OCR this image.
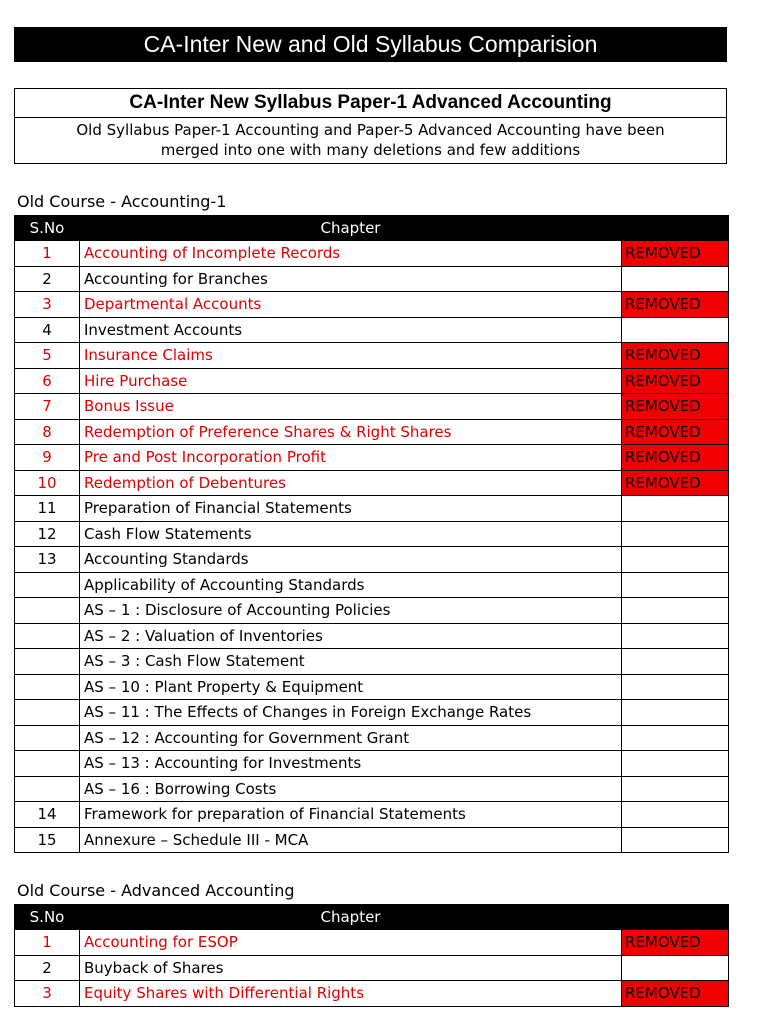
CA-Inter New and Old Syllabus Comparision
CA-Inter New Syllabus Paper-1 Advanced Accounting
Old Syllabus Paper-1 Accounting and Paper-5 Advanced Accounting have been
merged into one with many deletions and few additions
Old Course - Accounting-1
S.No	Chapter	
1	Accounting of Incomplete Records	REMOVED
2	Accounting for Branches	
3	Departmental Accounts	REMOVED
4	Investment Accounts	
5	Insurance Claims	REMOVED
6	Hire Purchase	REMOVED
7	Bonus Issue	REMOVED
8	Redemption of Preference Shares & Right Shares	REMOVED
9	Pre and Post Incorporation Profit	REMOVED
10	Redemption of Debentures	REMOVED
11	Preparation of Financial Statements	
12	Cash Flow Statements	
13	Accounting Standards	
	Applicability of Accounting Standards	
	AS – 1 : Disclosure of Accounting Policies	
	AS – 2 : Valuation of Inventories	
	AS – 3 : Cash Flow Statement	
	AS – 10 : Plant Property & Equipment	
	AS – 11 : The Effects of Changes in Foreign Exchange Rates	
	AS – 12 : Accounting for Government Grant	
	AS – 13 : Accounting for Investments	
	AS – 16 : Borrowing Costs	
14	Framework for preparation of Financial Statements	
15	Annexure – Schedule III - MCA	
Old Course - Advanced Accounting
S.No	Chapter	
1	Accounting for ESOP	REMOVED
2	Buyback of Shares	
3	Equity Shares with Differential Rights	REMOVED
